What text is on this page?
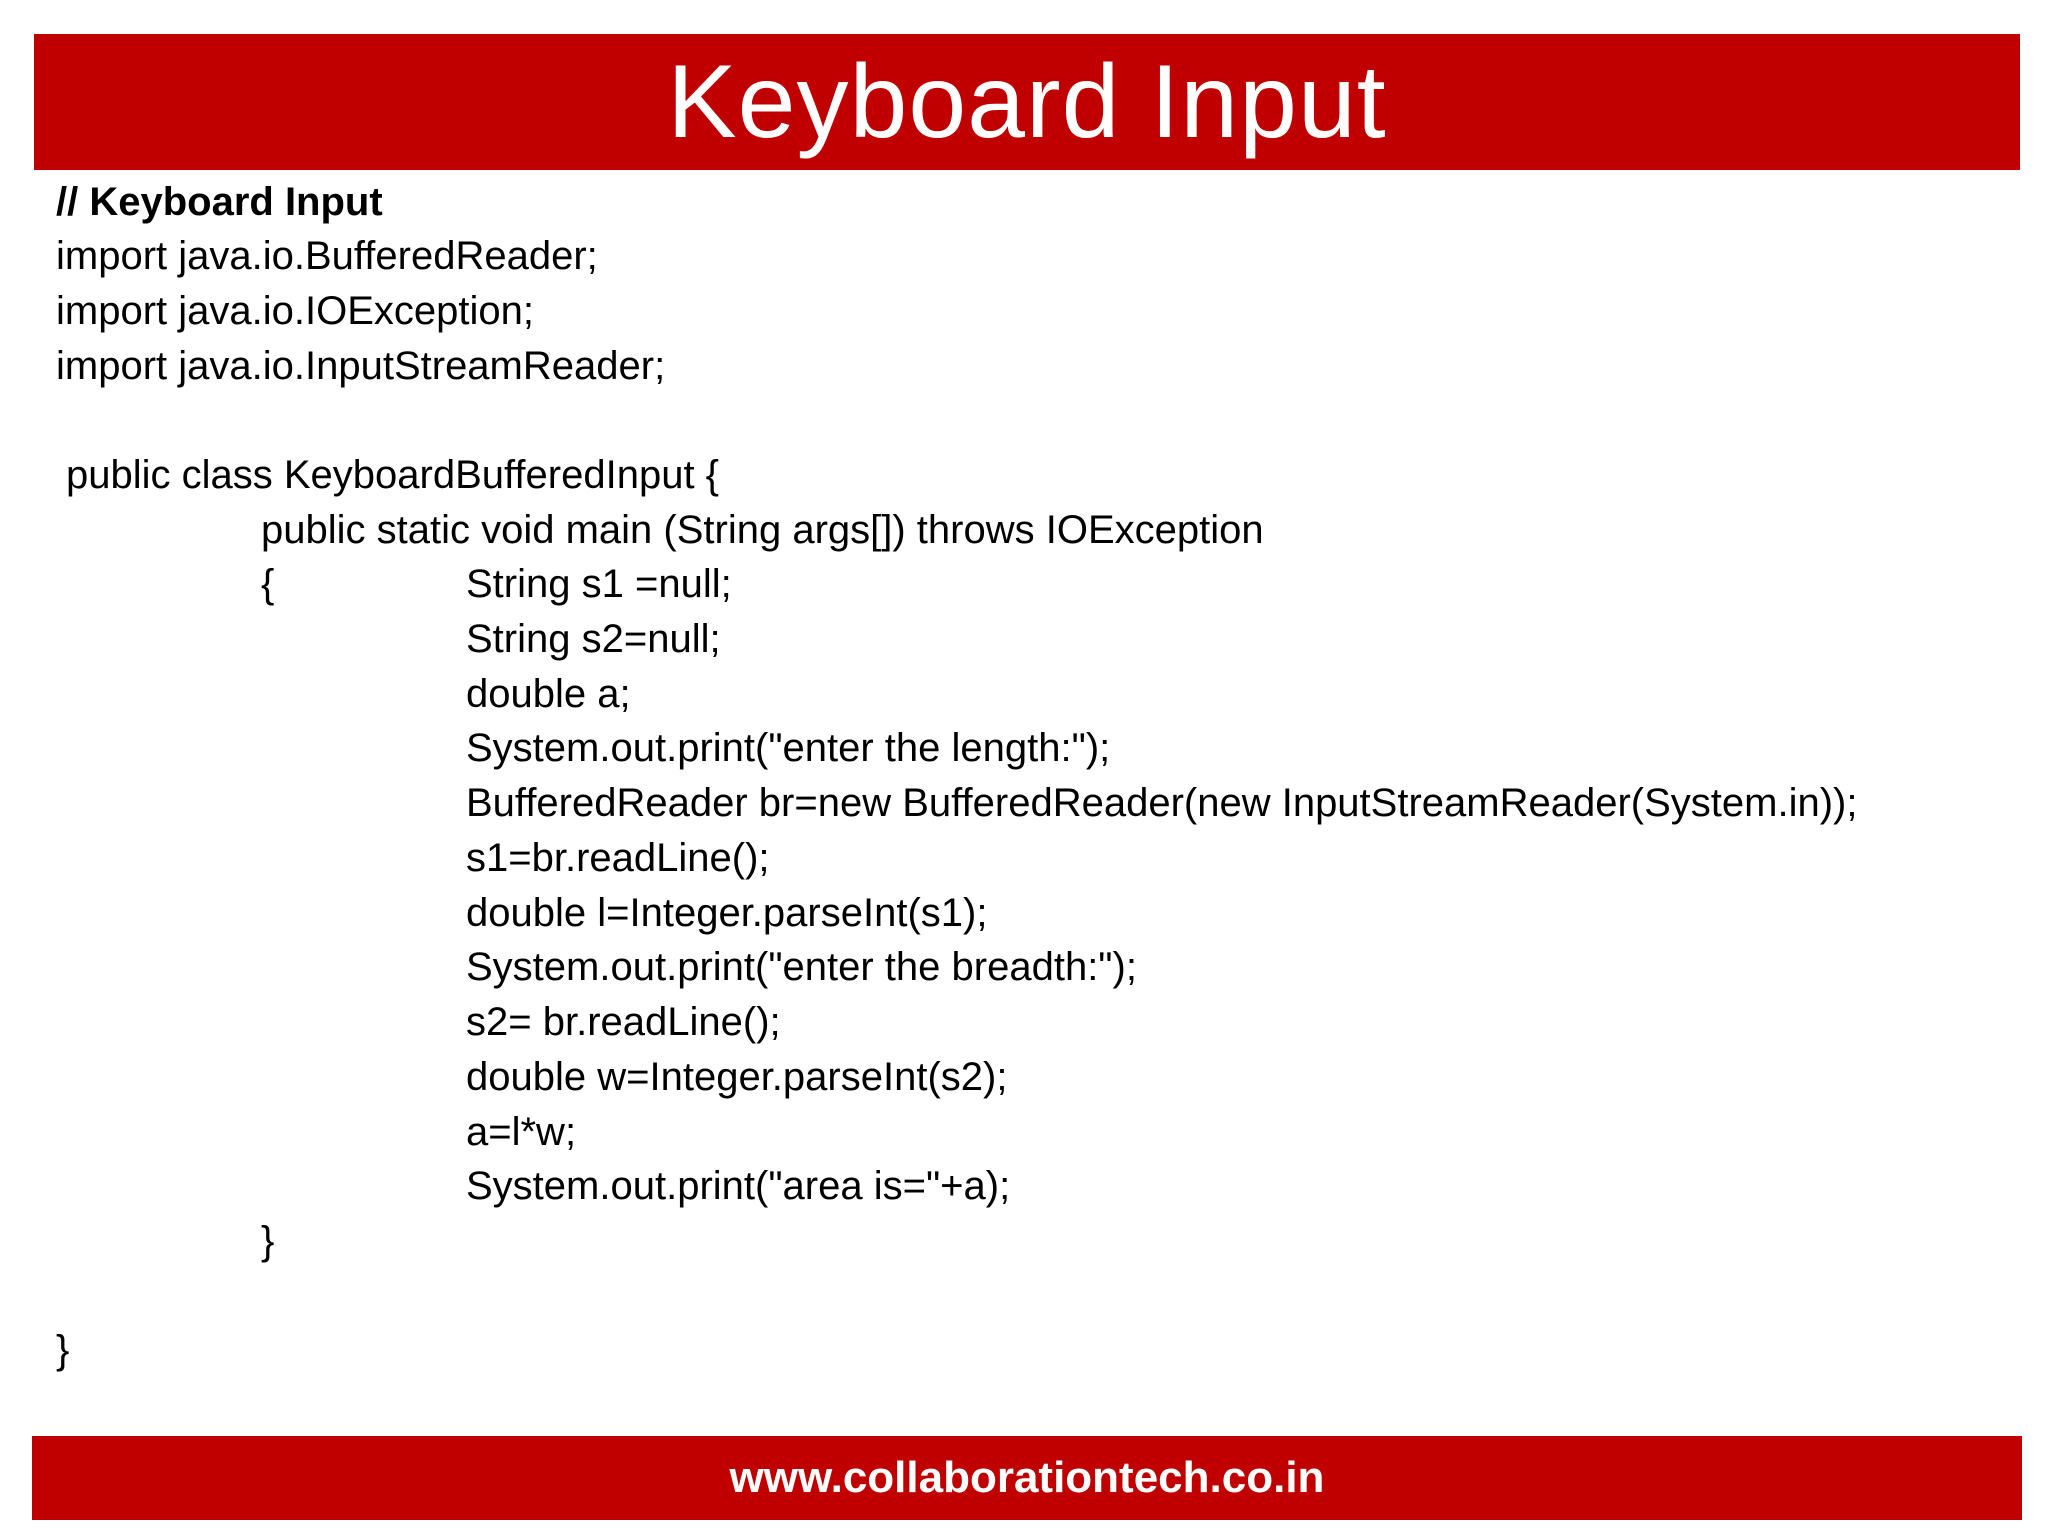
Keyboard Input
// Keyboard Input
import java.io.BufferedReader;
import java.io.IOException;
import java.io.InputStreamReader;
public class KeyboardBufferedInput {
public static void main (String args[]) throws IOException
{	String s1 =null;
String s2=null;
double a;
System.out.print("enter the length:");
BufferedReader br=new BufferedReader(new InputStreamReader(System.in));
s1=br.readLine();
double l=Integer.parseInt(s1);
System.out.print("enter the breadth:");
s2= br.readLine();
double w=Integer.parseInt(s2);
a=l*w;
System.out.print("area is="+a);
}
}
www.collaborationtech.co.in
